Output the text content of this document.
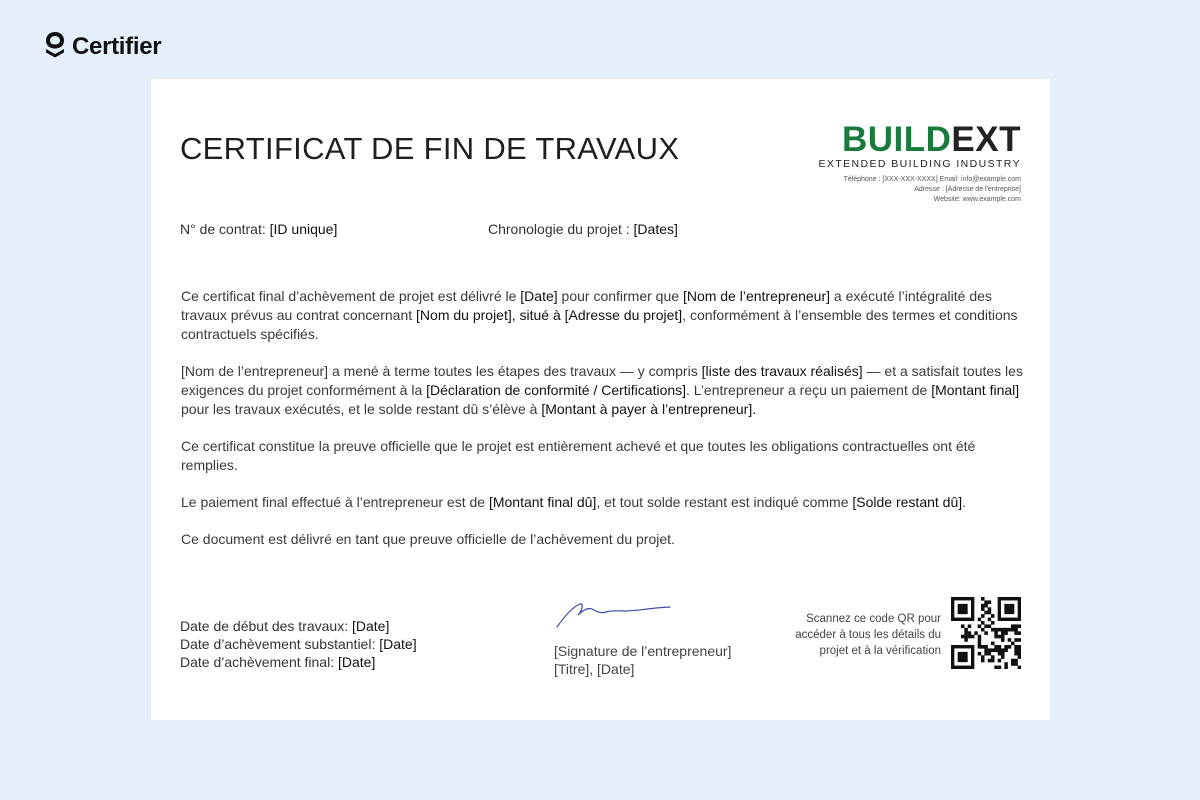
Certifier
CERTIFICAT DE FIN DE TRAVAUX	BUILDEXT
EXTENDED BUILDING INDUSTRY
Téléphone : [XXX-XXX-XXXX] Email: info@example.com
Adresse : [Adresse de l'entreprise]
Website: www.example.com
N° de contrat: [ID unique]	Chronologie du projet : [Dates]

Ce certificat final d’achèvement de projet est délivré le [Date] pour confirmer que [Nom de l’entrepreneur] a exécuté l’intégralité des travaux prévus au contrat concernant [Nom du projet], situé à [Adresse du projet], conformément à l’ensemble des termes et conditions contractuels spécifiés.

[Nom de l’entrepreneur] a mené à terme toutes les étapes des travaux — y compris [liste des travaux réalisés] — et a satisfait toutes les exigences du projet conformément à la [Déclaration de conformité / Certifications]. L’entrepreneur a reçu un paiement de [Montant final] pour les travaux exécutés, et le solde restant dû s’élève à [Montant à payer à l’entrepreneur].

Ce certificat constitue la preuve officielle que le projet est entièrement achevé et que toutes les obligations contractuelles ont été remplies.

Le paiement final effectué à l’entrepreneur est de [Montant final dû], et tout solde restant est indiqué comme [Solde restant dû].

Ce document est délivré en tant que preuve officielle de l’achèvement du projet.

Date de début des travaux: [Date]
Date d’achèvement substantiel: [Date]
Date d’achèvement final: [Date]
[Signature de l’entrepreneur]
[Titre], [Date]
Scannez ce code QR pour accéder à tous les détails du projet et à la vérification
